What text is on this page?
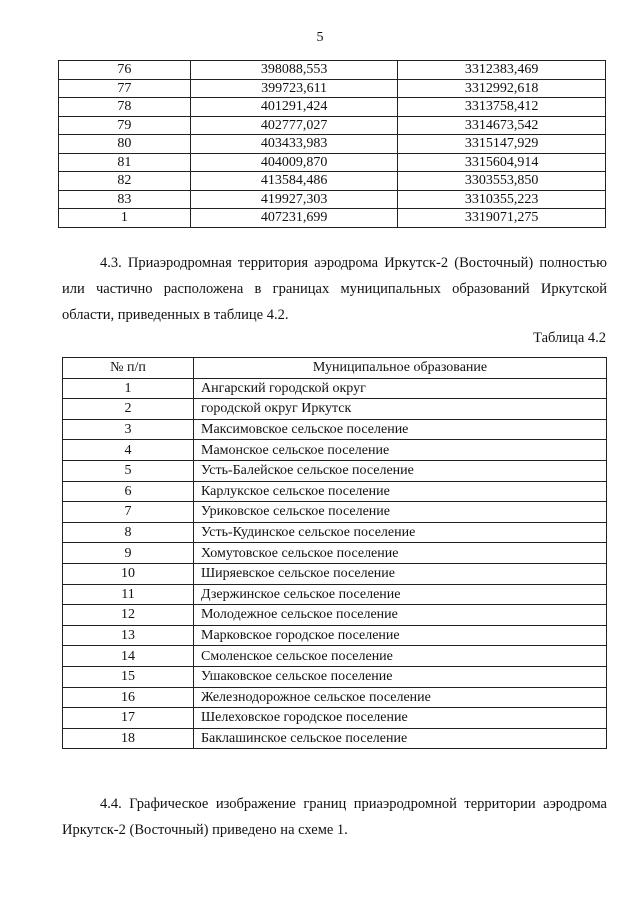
5
76	398088,553	3312383,469
77	399723,611	3312992,618
78	401291,424	3313758,412
79	402777,027	3314673,542
80	403433,983	3315147,929
81	404009,870	3315604,914
82	413584,486	3303553,850
83	419927,303	3310355,223
1	407231,699	3319071,275
4.3. Приаэродромная территория аэродрома Иркутск-2 (Восточный) полностью или частично расположена в границах муниципальных образований Иркутской области, приведенных в таблице 4.2.
Таблица 4.2
№ п/п	Муниципальное образование
1	Ангарский городской округ
2	городской округ Иркутск
3	Максимовское сельское поселение
4	Мамонское сельское поселение
5	Усть-Балейское сельское поселение
6	Карлукское сельское поселение
7	Уриковское сельское поселение
8	Усть-Кудинское сельское поселение
9	Хомутовское сельское поселение
10	Ширяевское сельское поселение
11	Дзержинское сельское поселение
12	Молодежное сельское поселение
13	Марковское городское поселение
14	Смоленское сельское поселение
15	Ушаковское сельское поселение
16	Железнодорожное сельское поселение
17	Шелеховское городское поселение
18	Баклашинское сельское поселение
4.4. Графическое изображение границ приаэродромной территории аэродрома Иркутск-2 (Восточный) приведено на схеме 1.
